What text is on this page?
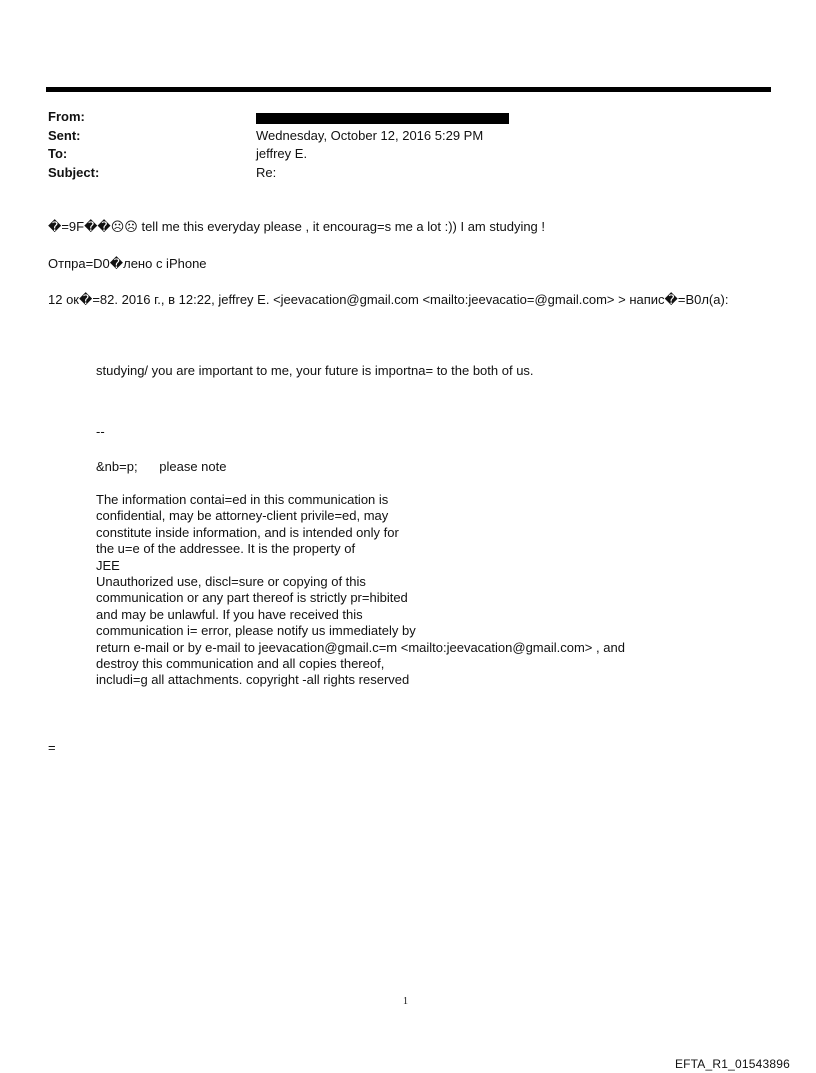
From:
Sent:
To:
Subject:
Wednesday, October 12, 2016 5:29 PM
jeffrey E.
Re:
�=9F��☹☹ tell me this everyday please , it encourag=s me a lot :)) I am studying !
Отпра=D0�лено с iPhone
12 ок�=82. 2016 г., в 12:22, jeffrey E. <jeevacation@gmail.com <mailto:jeevacatio=@gmail.com> > напис�=B0л(a):
studying/ you are important to me, your future is importna= to the both of us.
--
&nb=p;      please note
The information contai=ed in this communication is
confidential, may be attorney-client privile=ed, may
constitute inside information, and is intended only for
the u=e of the addressee. It is the property of
JEE
Unauthorized use, discl=sure or copying of this
communication or any part thereof is strictly pr=hibited
and may be unlawful. If you have received this
communication i= error, please notify us immediately by
return e-mail or by e-mail to jeevacation@gmail.c=m <mailto:jeevacation@gmail.com> , and
destroy this communication and all copies thereof,
includi=g all attachments. copyright -all rights reserved
=
1
EFTA_R1_01543896
